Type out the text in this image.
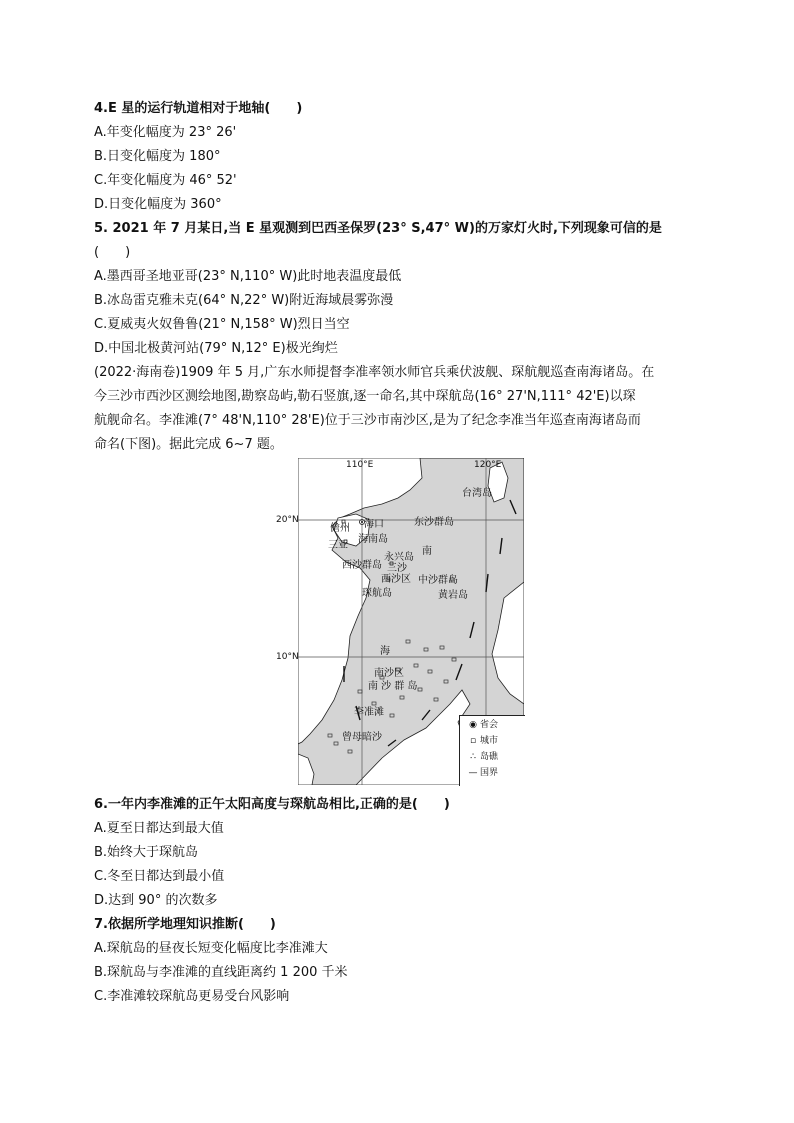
4.E 星的运行轨道相对于地轴(　　)
A.年变化幅度为 23° 26'
B.日变化幅度为 180°
C.年变化幅度为 46° 52'
D.日变化幅度为 360°
5. 2021 年 7 月某日,当 E 星观测到巴西圣保罗(23° S,47° W)的万家灯火时,下列现象可信的是
(　　)
A.墨西哥圣地亚哥(23° N,110° W)此时地表温度最低
B.冰岛雷克雅未克(64° N,22° W)附近海域晨雾弥漫
C.夏威夷火奴鲁鲁(21° N,158° W)烈日当空
D.中国北极黄河站(79° N,12° E)极光绚烂
(2022·海南卷)1909 年 5 月,广东水师提督李准率领水师官兵乘伏波舰、琛航舰巡查南海诸岛。在
今三沙市西沙区测绘地图,勘察岛屿,勒石竖旗,逐一命名,其中琛航岛(16° 27'N,111° 42'E)以琛
航舰命名。李准滩(7° 48'N,110° 28'E)位于三沙市南沙区,是为了纪念李准当年巡查南海诸岛而
命名(下图)。据此完成 6~7 题。
110°E	120°E
20°N
10°N
台湾岛
儋州 海口	东沙群岛
海南岛
三亚
南
永兴岛
西沙群岛 三沙
西沙区 中沙群岛
琛航岛	黄岩岛
海
南沙区
南 沙 群 岛
李准滩
曾母暗沙
◉ 省会
▫ 城市
∴ 岛礁
— 国界
6.一年内李准滩的正午太阳高度与琛航岛相比,正确的是(　　)
A.夏至日都达到最大值
B.始终大于琛航岛
C.冬至日都达到最小值
D.达到 90° 的次数多
7.依据所学地理知识推断(　　)
A.琛航岛的昼夜长短变化幅度比李准滩大
B.琛航岛与李准滩的直线距离约 1 200 千米
C.李准滩较琛航岛更易受台风影响
